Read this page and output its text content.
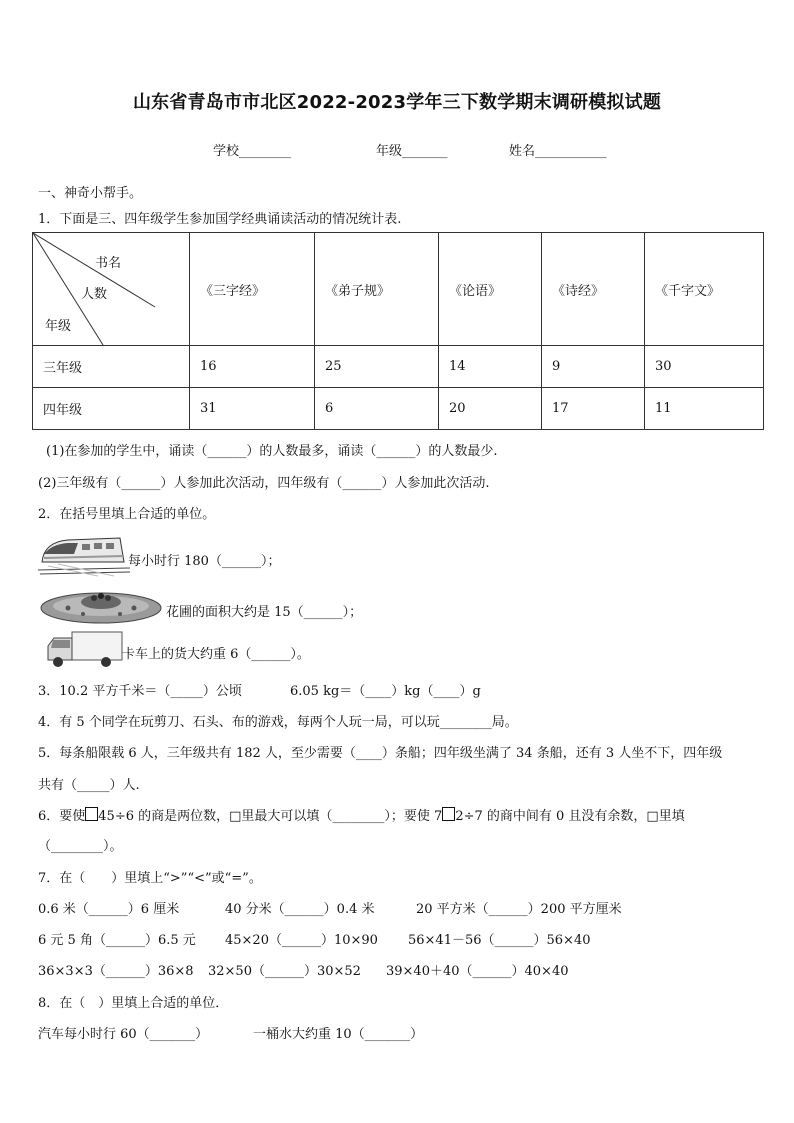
山东省青岛市市北区2022-2023学年三下数学期末调研模拟试题
学校________	年级_______	姓名___________
一、神奇小帮手。
1．下面是三、四年级学生参加国学经典诵读活动的情况统计表.
书名
人数
年级	《三字经》	《弟子规》	《论语》	《诗经》	《千字文》
三年级	16	25	14	9	30
四年级	31	6	20	17	11
(1)在参加的学生中，诵读（______）的人数最多，诵读（______）的人数最少.
(2)三年级有（______）人参加此次活动，四年级有（______）人参加此次活动.
2．在括号里填上合适的单位。
每小时行 180（______）；
花圃的面积大约是 15（______）；
卡车上的货大约重 6（______）。
3．10.2 平方千米＝（_____）公顷	6.05 kg＝（____）kg（____）g
4．有 5 个同学在玩剪刀、石头、布的游戏，每两个人玩一局，可以玩________局。
5．每条船限载 6 人，三年级共有 182 人，至少需要（____）条船；四年级坐满了 34 条船，还有 3 人坐不下，四年级
共有（_____）人.
6．要使 45÷6 的商是两位数，□里最大可以填（________）；要使 7 2÷7 的商中间有 0 且没有余数，□里填
（________）。
7．在（　　）里填上“>”“<”或“=”。
0.6 米（______）6 厘米	40 分米（______）0.4 米	20 平方米（______）200 平方厘米
6 元 5 角（______）6.5 元 45×20（______）10×90 56×41－56（______）56×40
36×3×3（______）36×8 32×50（______）30×52 39×40＋40（______）40×40
8．在（　）里填上合适的单位．
汽车每小时行 60（_______）	一桶水大约重 10（_______）
